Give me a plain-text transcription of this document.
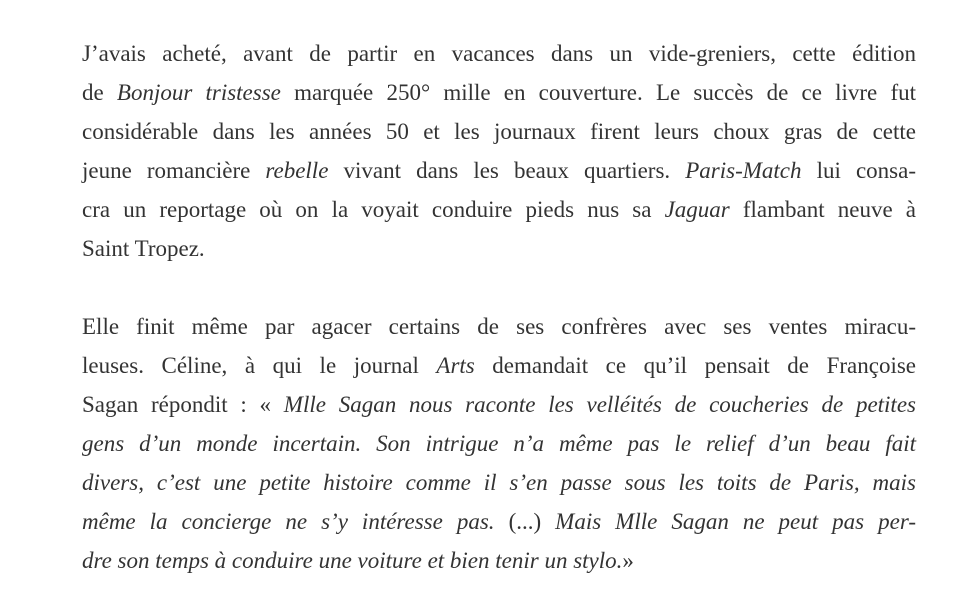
J’avais acheté, avant de partir en vacances dans un vide-greniers, cette édition
de Bonjour tristesse marquée 250° mille en couverture. Le succès de ce livre fut
considérable dans les années 50 et les journaux firent leurs choux gras de cette
jeune romancière rebelle vivant dans les beaux quartiers. Paris-Match lui consa-
cra un reportage où on la voyait conduire pieds nus sa Jaguar flambant neuve à
Saint Tropez.
Elle finit même par agacer certains de ses confrères avec ses ventes miracu-
leuses. Céline, à qui le journal Arts demandait ce qu’il pensait de Françoise
Sagan répondit : « Mlle Sagan nous raconte les velléités de coucheries de petites
gens d’un monde incertain. Son intrigue n’a même pas le relief d’un beau fait
divers, c’est une petite histoire comme il s’en passe sous les toits de Paris, mais
même la concierge ne s’y intéresse pas. (...) Mais Mlle Sagan ne peut pas per-
dre son temps à conduire une voiture et bien tenir un stylo.»
